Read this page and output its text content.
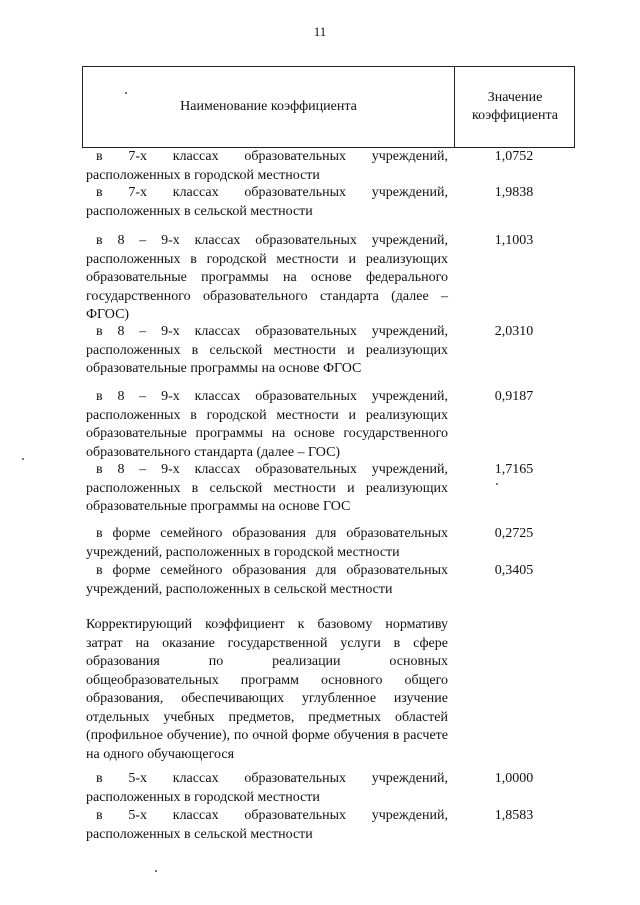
11
Наименование коэффициента
Значение
коэффициента
в 7-х классах образовательных учреждений, расположенных в городской местности
1,0752
в 7-х классах образовательных учреждений, расположенных в сельской местности
1,9838
в 8 – 9-х классах образовательных учреждений, расположенных в городской местности и реализующих образовательные программы на основе федерального государственного образовательного стандарта (далее – ФГОС)
1,1003
в 8 – 9-х классах образовательных учреждений, расположенных в сельской местности и реализующих образовательные программы на основе ФГОС
2,0310
в 8 – 9-х классах образовательных учреждений, расположенных в городской местности и реализующих образовательные программы на основе государственного образовательного стандарта (далее – ГОС)
0,9187
в 8 – 9-х классах образовательных учреждений, расположенных в сельской местности и реализующих образовательные программы на основе ГОС
1,7165
в форме семейного образования для образовательных учреждений, расположенных в городской местности
0,2725
в форме семейного образования для образовательных учреждений, расположенных в сельской местности
0,3405
Корректирующий коэффициент к базовому нормативу затрат на оказание государственной услуги в сфере образования по реализации основных общеобразовательных программ основного общего образования, обеспечивающих углубленное изучение отдельных учебных предметов, предметных областей (профильное обучение), по очной форме обучения в расчете на одного обучающегося
в 5-х классах образовательных учреждений, расположенных в городской местности
1,0000
в 5-х классах образовательных учреждений, расположенных в сельской местности
1,8583
